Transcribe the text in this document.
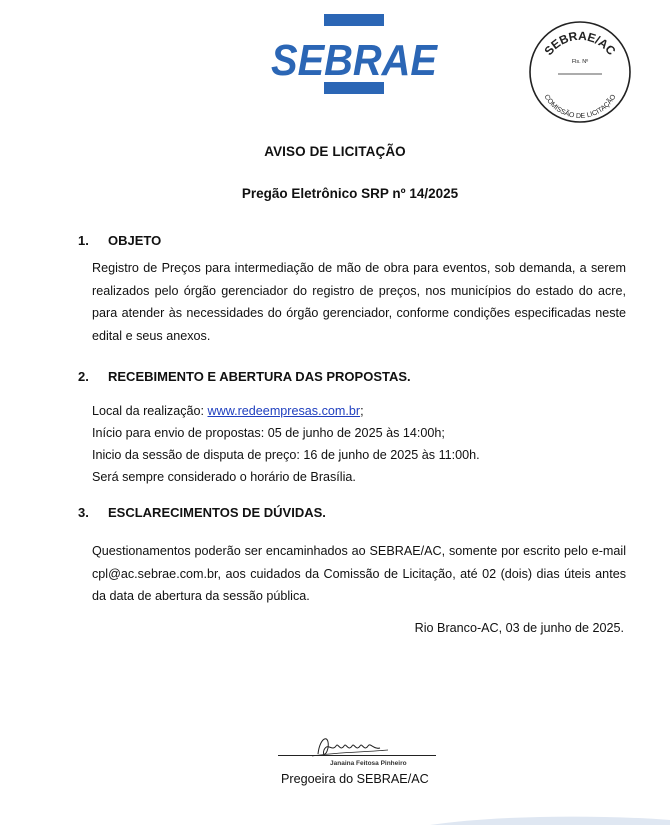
SEBRAE	SEBRAE/AC
Fls. Nº
COMISSÃO DE LICITAÇÃO
AVISO DE LICITAÇÃO
Pregão Eletrônico SRP nº 14/2025
1. OBJETO
Registro de Preços para intermediação de mão de obra para eventos, sob demanda, a serem realizados pelo órgão gerenciador do registro de preços, nos municípios do estado do acre, para atender às necessidades do órgão gerenciador, conforme condições especificadas neste edital e seus anexos.
2. RECEBIMENTO E ABERTURA DAS PROPOSTAS.
Local da realização: www.redeempresas.com.br;
Início para envio de propostas: 05 de junho de 2025 às 14:00h;
Inicio da sessão de disputa de preço: 16 de junho de 2025 às 11:00h.
Será sempre considerado o horário de Brasília.
3. ESCLARECIMENTOS DE DÚVIDAS.
Questionamentos poderão ser encaminhados ao SEBRAE/AC, somente por escrito pelo e-mail cpl@ac.sebrae.com.br, aos cuidados da Comissão de Licitação, até 02 (dois) dias úteis antes da data de abertura da sessão pública.
Rio Branco-AC, 03 de junho de 2025.
Janaina Feitosa Pinheiro
Pregoeira do SEBRAE/AC
